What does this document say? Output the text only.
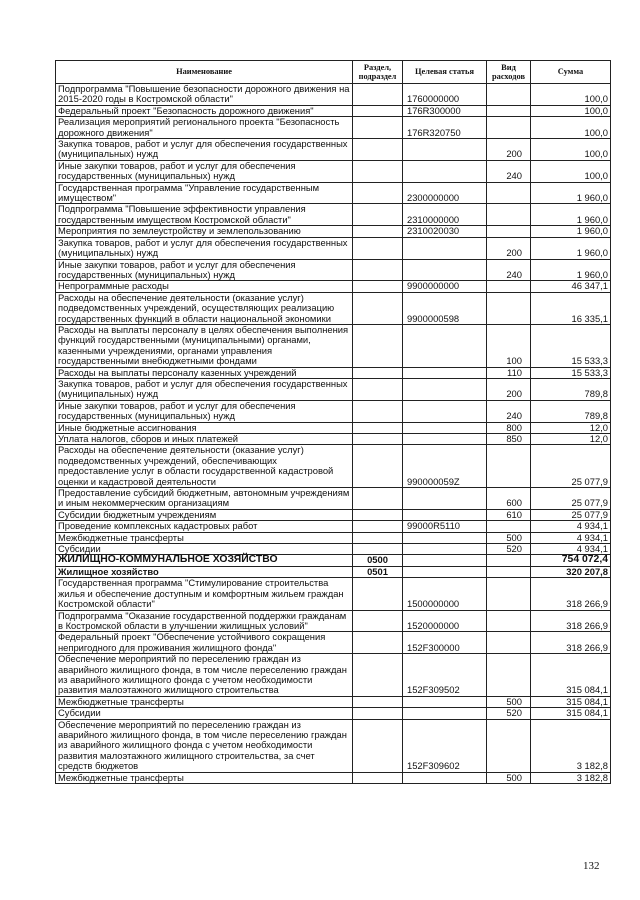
Наименование	Раздел, подраздел	Целевая статья	Вид расходов	Сумма
Подпрограмма "Повышение безопасности дорожного движения на 2015-2020 годы в Костромской области"		1760000000		100,0
Федеральный проект "Безопасность дорожного движения"		176R300000		100,0
Реализация мероприятий регионального проекта "Безопасность дорожного движения"		176R320750		100,0
Закупка товаров, работ и услуг для обеспечения государственных (муниципальных) нужд			200	100,0
Иные закупки товаров, работ и услуг для обеспечения государственных (муниципальных) нужд			240	100,0
Государственная программа "Управление государственным имуществом"		2300000000		1 960,0
Подпрограмма "Повышение эффективности управления государственным имуществом Костромской области"		2310000000		1 960,0
Мероприятия по землеустройству и землепользованию		2310020030		1 960,0
Закупка товаров, работ и услуг для обеспечения государственных (муниципальных) нужд			200	1 960,0
Иные закупки товаров, работ и услуг для обеспечения государственных (муниципальных) нужд			240	1 960,0
Непрограммные расходы		9900000000		46 347,1
Расходы на обеспечение деятельности (оказание услуг) подведомственных учреждений, осуществляющих реализацию государственных функций в области национальной экономики		9900000598		16 335,1
Расходы на выплаты персоналу в целях обеспечения выполнения функций государственными (муниципальными) органами, казенными учреждениями, органами управления государственными внебюджетными фондами			100	15 533,3
Расходы на выплаты персоналу казенных учреждений			110	15 533,3
Закупка товаров, работ и услуг для обеспечения государственных (муниципальных) нужд			200	789,8
Иные закупки товаров, работ и услуг для обеспечения государственных (муниципальных) нужд			240	789,8
Иные бюджетные ассигнования			800	12,0
Уплата налогов, сборов и иных платежей			850	12,0
Расходы на обеспечение деятельности (оказание услуг) подведомственных учреждений, обеспечивающих предоставление услуг в области государственной кадастровой оценки и кадастровой деятельности		990000059Z		25 077,9
Предоставление субсидий бюджетным, автономным учреждениям и иным некоммерческим организациям			600	25 077,9
Субсидии бюджетным учреждениям			610	25 077,9
Проведение комплексных кадастровых работ		99000R5110		4 934,1
Межбюджетные трансферты			500	4 934,1
Субсидии			520	4 934,1
ЖИЛИЩНО-КОММУНАЛЬНОЕ ХОЗЯЙСТВО	0500			754 072,4
Жилищное хозяйство	0501			320 207,8
Государственная программа "Стимулирование строительства жилья и обеспечение доступным и комфортным жильем граждан Костромской области"		1500000000		318 266,9
Подпрограмма "Оказание государственной поддержки гражданам в Костромской области в улучшении жилищных условий"		1520000000		318 266,9
Федеральный проект "Обеспечение устойчивого сокращения непригодного для проживания жилищного фонда"		152F300000		318 266,9
Обеспечение мероприятий по переселению граждан из аварийного жилищного фонда, в том числе переселению граждан из аварийного жилищного фонда с учетом необходимости развития малоэтажного жилищного строительства		152F309502		315 084,1
Межбюджетные трансферты			500	315 084,1
Субсидии			520	315 084,1
Обеспечение мероприятий по переселению граждан из аварийного жилищного фонда, в том числе переселению граждан из аварийного жилищного фонда с учетом необходимости развития малоэтажного жилищного строительства, за счет средств бюджетов		152F309602		3 182,8
Межбюджетные трансферты			500	3 182,8
132
